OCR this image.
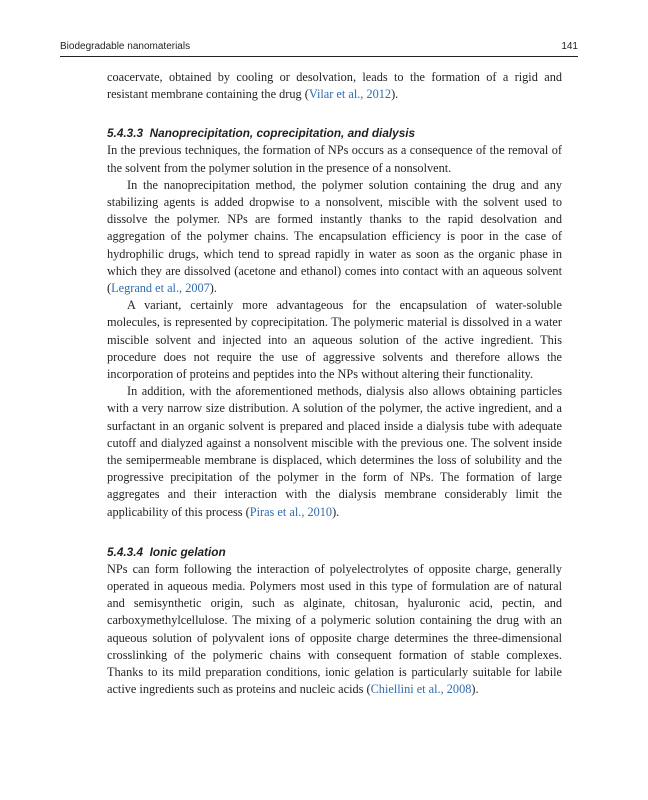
Biodegradable nanomaterials	141

coacervate, obtained by cooling or desolvation, leads to the formation of a rigid and resistant membrane containing the drug (Vilar et al., 2012).

5.4.3.3 Nanoprecipitation, coprecipitation, and dialysis

In the previous techniques, the formation of NPs occurs as a consequence of the removal of the solvent from the polymer solution in the presence of a nonsolvent.

In the nanoprecipitation method, the polymer solution containing the drug and any stabilizing agents is added dropwise to a nonsolvent, miscible with the solvent used to dissolve the polymer. NPs are formed instantly thanks to the rapid desolvation and aggregation of the polymer chains. The encapsulation efficiency is poor in the case of hydrophilic drugs, which tend to spread rapidly in water as soon as the organic phase in which they are dissolved (acetone and ethanol) comes into contact with an aqueous solvent (Legrand et al., 2007).

A variant, certainly more advantageous for the encapsulation of water-soluble molecules, is represented by coprecipitation. The polymeric material is dissolved in a water miscible solvent and injected into an aqueous solution of the active ingredient. This procedure does not require the use of aggressive solvents and therefore allows the incorporation of proteins and peptides into the NPs without altering their functionality.

In addition, with the aforementioned methods, dialysis also allows obtaining particles with a very narrow size distribution. A solution of the polymer, the active ingredient, and a surfactant in an organic solvent is prepared and placed inside a dialysis tube with adequate cutoff and dialyzed against a nonsolvent miscible with the previous one. The solvent inside the semipermeable membrane is displaced, which determines the loss of solubility and the progressive precipitation of the polymer in the form of NPs. The formation of large aggregates and their interaction with the dialysis membrane considerably limit the applicability of this process (Piras et al., 2010).

5.4.3.4 Ionic gelation

NPs can form following the interaction of polyelectrolytes of opposite charge, generally operated in aqueous media. Polymers most used in this type of formulation are of natural and semisynthetic origin, such as alginate, chitosan, hyaluronic acid, pectin, and carboxymethylcellulose. The mixing of a polymeric solution containing the drug with an aqueous solution of polyvalent ions of opposite charge determines the three-dimensional crosslinking of the polymeric chains with consequent formation of stable complexes. Thanks to its mild preparation conditions, ionic gelation is particularly suitable for labile active ingredients such as proteins and nucleic acids (Chiellini et al., 2008).
